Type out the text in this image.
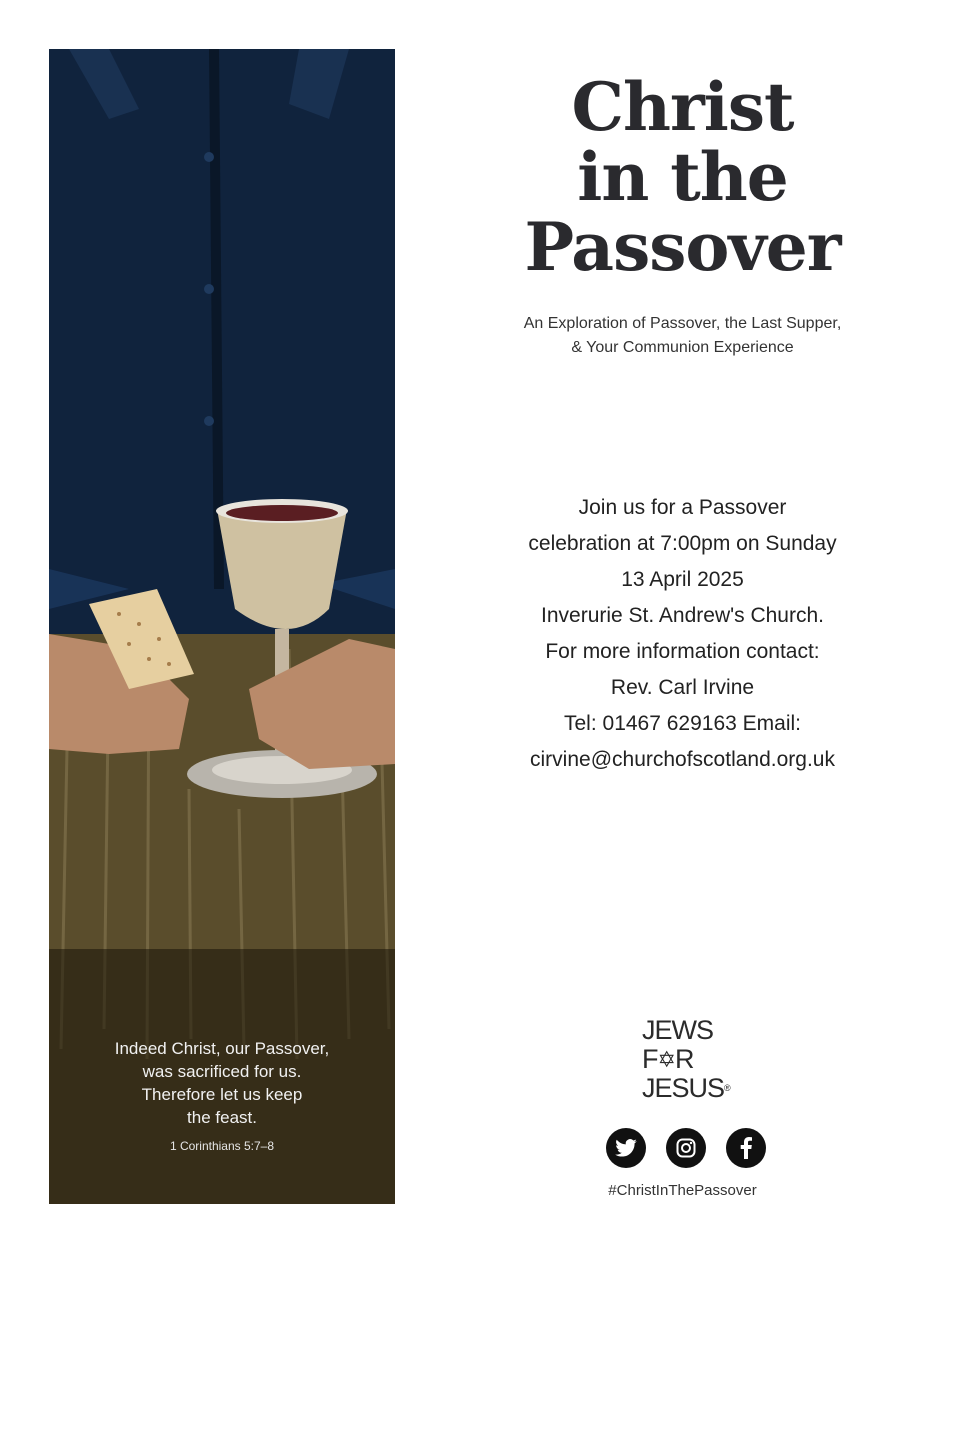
Indeed Christ, our Passover,
was sacrificed for us.
Therefore let us keep
the feast.
1 Corinthians 5:7–8
Christ
in the
Passover
An Exploration of Passover, the Last Supper,
& Your Communion Experience
Join us for a Passover
celebration at 7:00pm on Sunday
13 April 2025
Inverurie St. Andrew's Church.
For more information contact:
Rev. Carl Irvine
Tel: 01467 629163 Email:
cirvine@churchofscotland.org.uk
JEWS
F✡R
JESUS®
#ChristInThePassover
